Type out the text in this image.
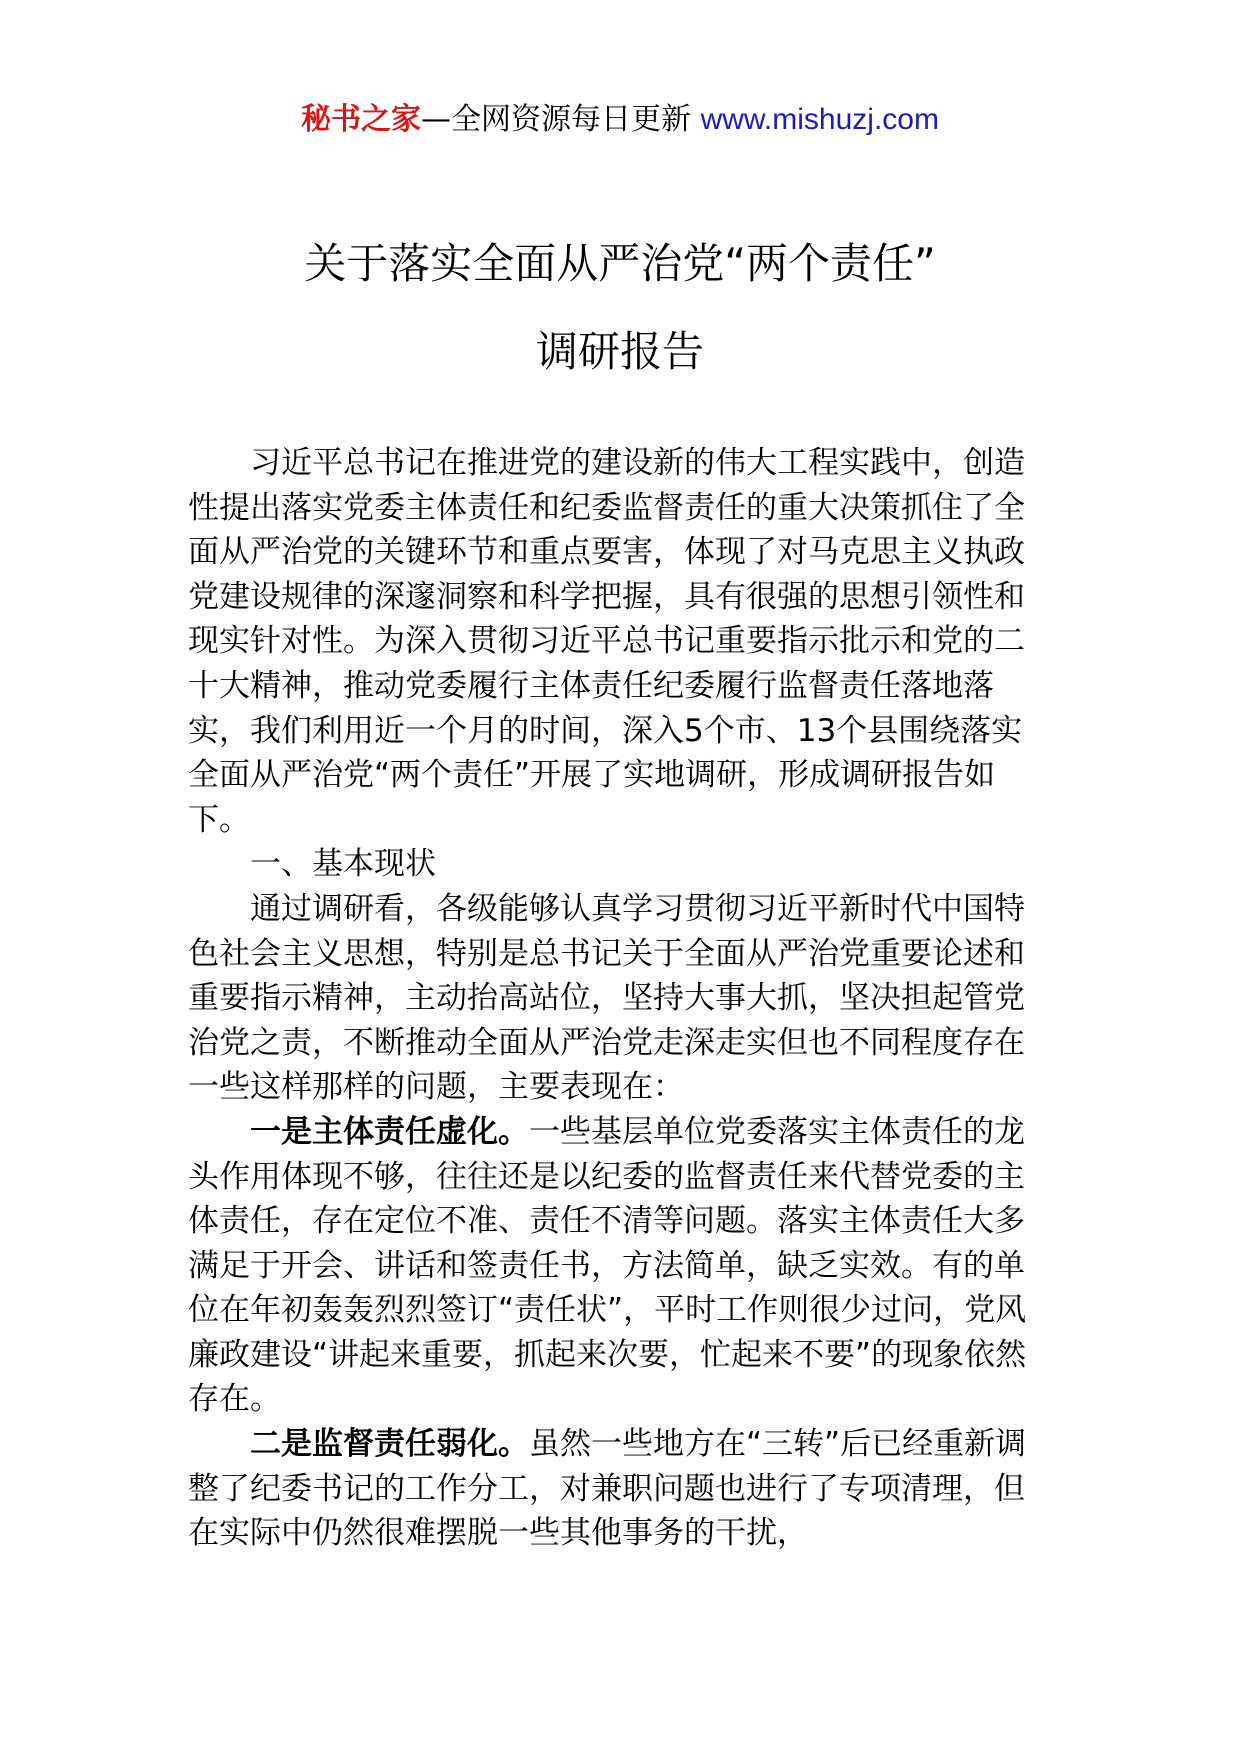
秘书之家—全网资源每日更新 www.mishuzj.com
关于落实全面从严治党“两个责任”
调研报告

习近平总书记在推进党的建设新的伟大工程实践中，创造性提出落实党委主体责任和纪委监督责任的重大决策抓住了全面从严治党的关键环节和重点要害，体现了对马克思主义执政党建设规律的深邃洞察和科学把握，具有很强的思想引领性和现实针对性。为深入贯彻习近平总书记重要指示批示和党的二十大精神，推动党委履行主体责任纪委履行监督责任落地落实，我们利用近一个月的时间，深入5个市、13个县围绕落实全面从严治党“两个责任”开展了实地调研，形成调研报告如下。

一、基本现状

通过调研看，各级能够认真学习贯彻习近平新时代中国特色社会主义思想，特别是总书记关于全面从严治党重要论述和重要指示精神，主动抬高站位，坚持大事大抓，坚决担起管党治党之责，不断推动全面从严治党走深走实但也不同程度存在一些这样那样的问题，主要表现在：

一是主体责任虚化。一些基层单位党委落实主体责任的龙头作用体现不够，往往还是以纪委的监督责任来代替党委的主体责任，存在定位不准、责任不清等问题。落实主体责任大多满足于开会、讲话和签责任书，方法简单，缺乏实效。有的单位在年初轰轰烈烈签订“责任状”，平时工作则很少过问，党风廉政建设“讲起来重要，抓起来次要，忙起来不要”的现象依然存在。

二是监督责任弱化。虽然一些地方在“三转”后已经重新调整了纪委书记的工作分工，对兼职问题也进行了专项清理，但在实际中仍然很难摆脱一些其他事务的干扰，
